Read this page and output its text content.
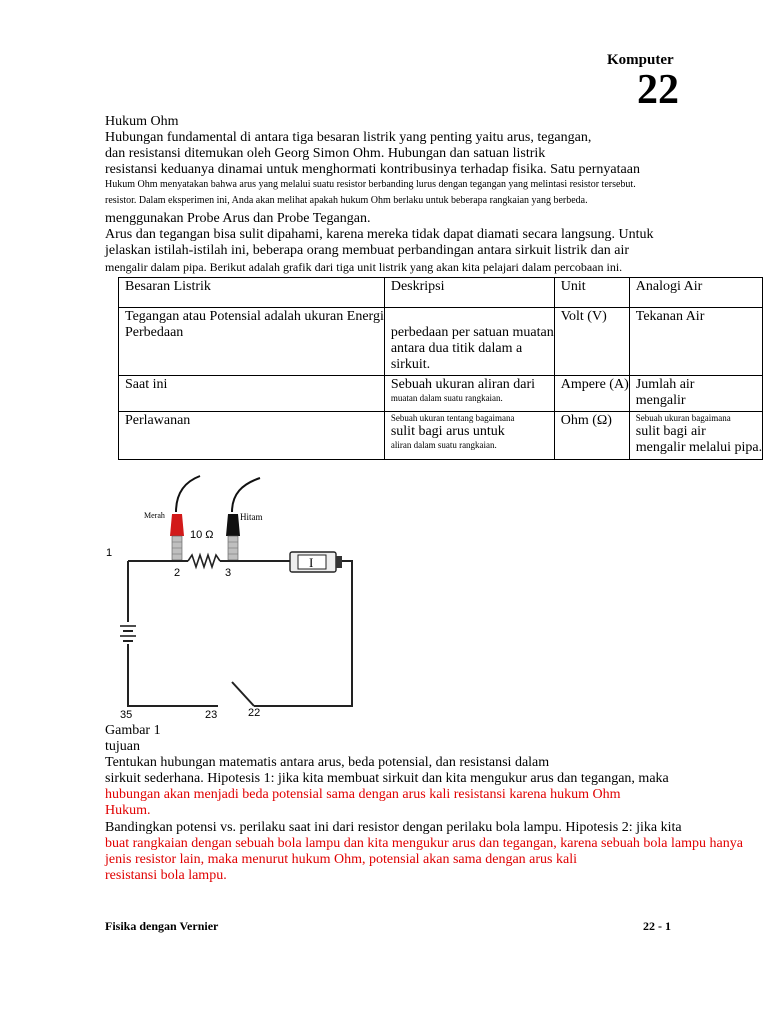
Komputer
22
Hukum Ohm
Hubungan fundamental di antara tiga besaran listrik yang penting yaitu arus, tegangan,
dan resistansi ditemukan oleh Georg Simon Ohm. Hubungan dan satuan listrik
resistansi keduanya dinamai untuk menghormati kontribusinya terhadap fisika. Satu pernyataan
Hukum Ohm menyatakan bahwa arus yang melalui suatu resistor berbanding lurus dengan tegangan yang melintasi resistor tersebut.
resistor. Dalam eksperimen ini, Anda akan melihat apakah hukum Ohm berlaku untuk beberapa rangkaian yang berbeda.
menggunakan Probe Arus dan Probe Tegangan.
Arus dan tegangan bisa sulit dipahami, karena mereka tidak dapat diamati secara langsung. Untuk
jelaskan istilah-istilah ini, beberapa orang membuat perbandingan antara sirkuit listrik dan air
mengalir dalam pipa. Berikut adalah grafik dari tiga unit listrik yang akan kita pelajari dalam percobaan ini.
Besaran Listrik	Deskripsi	Unit	Analogi Air

Tegangan atau Potensial adalah ukuran Energi
Perbedaan	perbedaan per satuan muatan
antara dua titik dalam a
sirkuit.	Volt (V)	Tekanan Air
Saat ini	Sebuah ukuran aliran dari
muatan dalam suatu rangkaian.	Ampere (A)	Jumlah air
mengalir

Perlawanan	Sebuah ukuran tentang bagaimana
sulit bagi arus untuk
aliran dalam suatu rangkaian.	Ohm (Ω)	Sebuah ukuran bagaimana
sulit bagi air
mengalir melalui pipa.
Merah	Hitam
10 Ω
I
1
2	3
35	23	22
Gambar 1
tujuan
Tentukan hubungan matematis antara arus, beda potensial, dan resistansi dalam
sirkuit sederhana. Hipotesis 1: jika kita membuat sirkuit dan kita mengukur arus dan tegangan, maka
hubungan akan menjadi beda potensial sama dengan arus kali resistansi karena hukum Ohm
Hukum.
Bandingkan potensi vs. perilaku saat ini dari resistor dengan perilaku bola lampu. Hipotesis 2: jika kita
buat rangkaian dengan sebuah bola lampu dan kita mengukur arus dan tegangan, karena sebuah bola lampu hanya
jenis resistor lain, maka menurut hukum Ohm, potensial akan sama dengan arus kali
resistansi bola lampu.
Fisika dengan Vernier	22 - 1
